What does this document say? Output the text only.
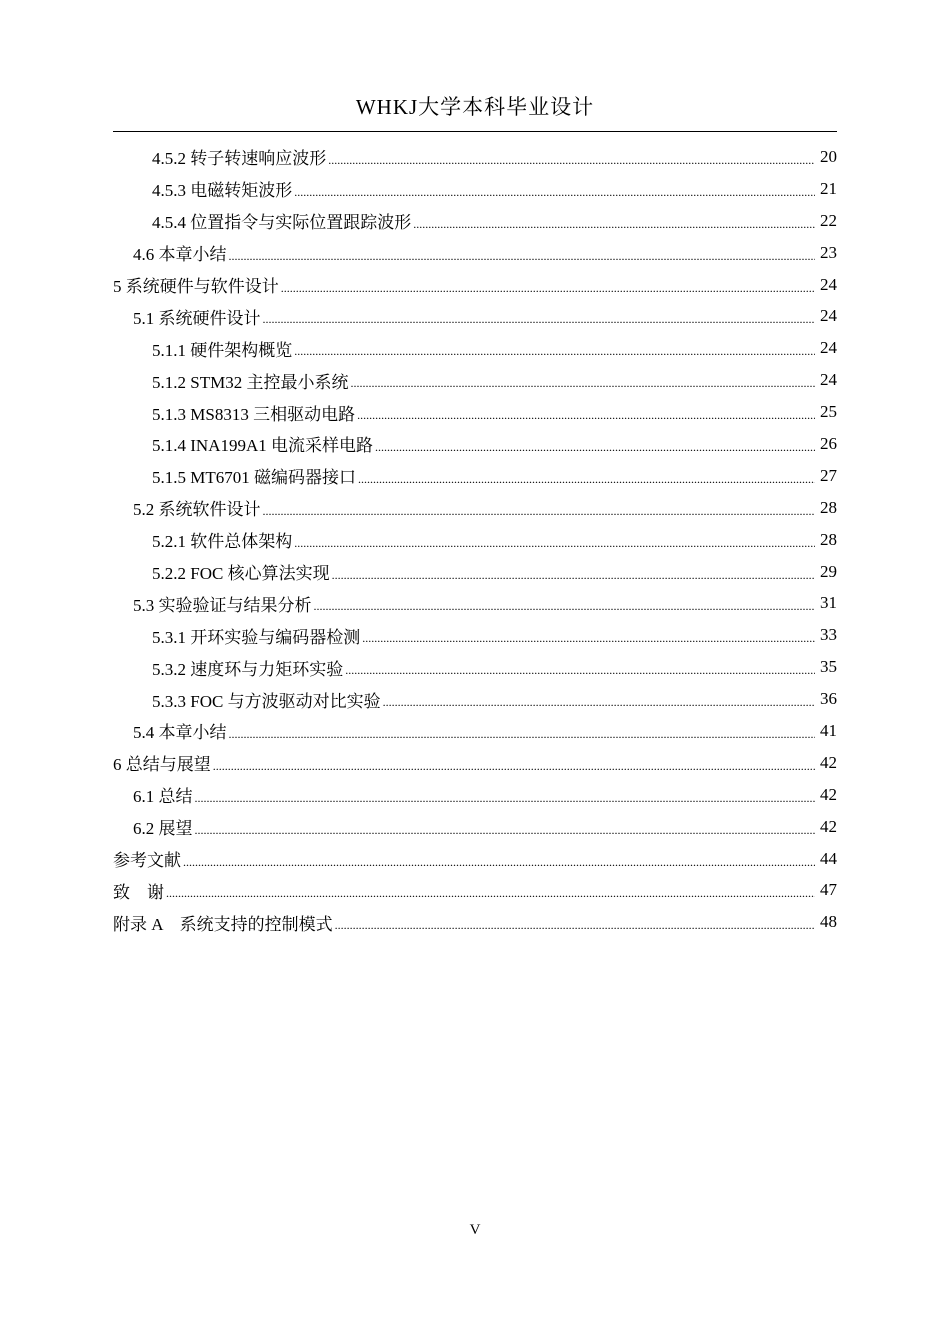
WHKJ大学本科毕业设计
4.5.2 转子转速响应波形 .....	20
4.5.3 电磁转矩波形 .....	21
4.5.4 位置指令与实际位置跟踪波形 .....	22
4.6 本章小结 .....	23
5 系统硬件与软件设计 .....	24
5.1 系统硬件设计 .....	24
5.1.1 硬件架构概览 .....	24
5.1.2 STM32 主控最小系统 .....	24
5.1.3 MS8313 三相驱动电路 .....	25
5.1.4 INA199A1 电流采样电路 .....	26
5.1.5 MT6701 磁编码器接口 .....	27
5.2 系统软件设计 .....	28
5.2.1 软件总体架构 .....	28
5.2.2 FOC 核心算法实现 .....	29
5.3 实验验证与结果分析 .....	31
5.3.1 开环实验与编码器检测 .....	33
5.3.2 速度环与力矩环实验 .....	35
5.3.3 FOC 与方波驱动对比实验 .....	36
5.4 本章小结 .....	41
6 总结与展望 .....	42
6.1 总结 .....	42
6.2 展望 .....	42
参考文献 .....	44
致　谢 .....	47
附录 A　系统支持的控制模式 .....	48
V
